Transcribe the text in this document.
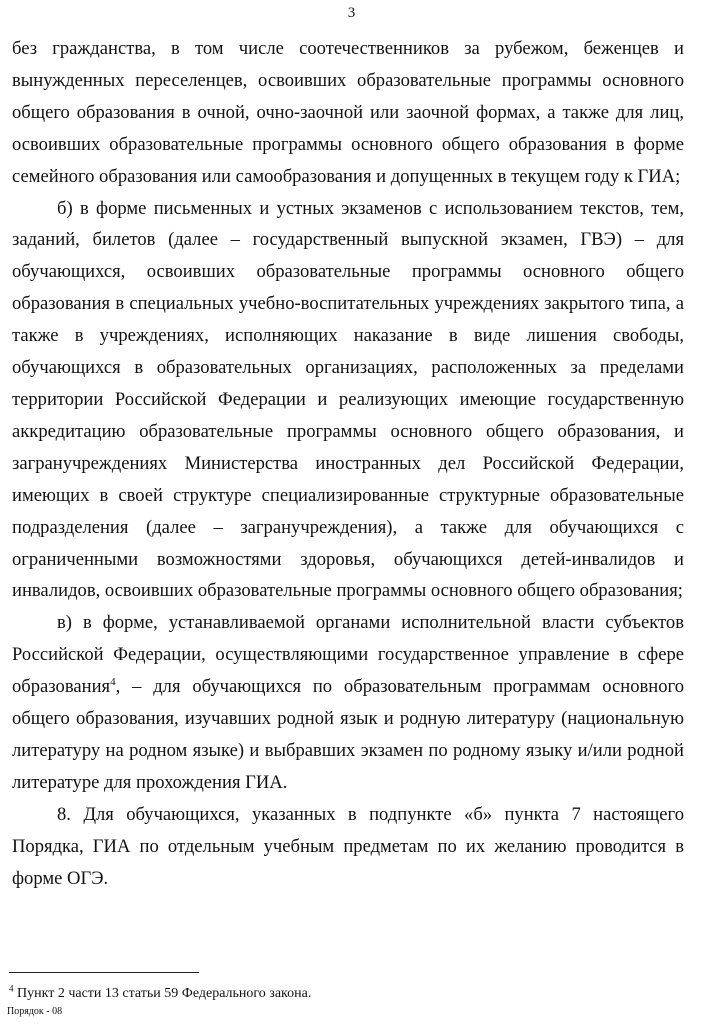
3

без гражданства, в том числе соотечественников за рубежом, беженцев и вынужденных переселенцев, освоивших образовательные программы основного общего образования в очной, очно-заочной или заочной формах, а также для лиц, освоивших образовательные программы основного общего образования в форме семейного образования или самообразования и допущенных в текущем году к ГИА;

б) в форме письменных и устных экзаменов с использованием текстов, тем, заданий, билетов (далее – государственный выпускной экзамен, ГВЭ) – для обучающихся, освоивших образовательные программы основного общего образования в специальных учебно-воспитательных учреждениях закрытого типа, а также в учреждениях, исполняющих наказание в виде лишения свободы, обучающихся в образовательных организациях, расположенных за пределами территории Российской Федерации и реализующих имеющие государственную аккредитацию образовательные программы основного общего образования, и загранучреждениях Министерства иностранных дел Российской Федерации, имеющих в своей структуре специализированные структурные образовательные подразделения (далее – загранучреждения), а также для обучающихся с ограниченными возможностями здоровья, обучающихся детей-инвалидов и инвалидов, освоивших образовательные программы основного общего образования;

в) в форме, устанавливаемой органами исполнительной власти субъектов Российской Федерации, осуществляющими государственное управление в сфере образования$^4$, – для обучающихся по образовательным программам основного общего образования, изучавших родной язык и родную литературу (национальную литературу на родном языке) и выбравших экзамен по родному языку и/или родной литературе для прохождения ГИА.

8. Для обучающихся, указанных в подпункте «б» пункта 7 настоящего Порядка, ГИА по отдельным учебным предметам по их желанию проводится в форме ОГЭ.

$^4$ Пункт 2 части 13 статьи 59 Федерального закона.
Порядок - 08
